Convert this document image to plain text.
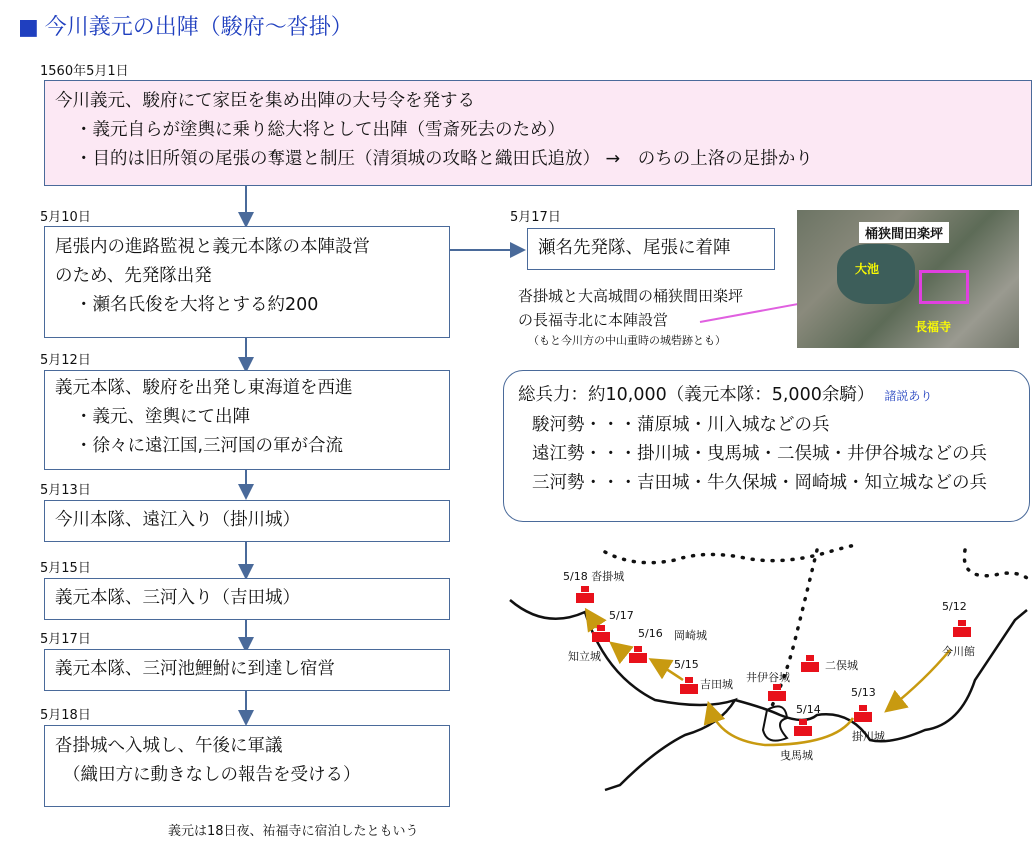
■ 今川義元の出陣（駿府～沓掛）
1560年5月1日
今川義元、駿府にて家臣を集め出陣の大号令を発する
・義元自らが塗輿に乗り総大将として出陣（雪斎死去のため）
・目的は旧所領の尾張の奪還と制圧（清須城の攻略と織田氏追放） →　のちの上洛の足掛かり
5月10日
尾張内の進路監視と義元本隊の本陣設営
のため、先発隊出発
・瀬名氏俊を大将とする約200
5月12日
義元本隊、駿府を出発し東海道を西進
・義元、塗輿にて出陣
・徐々に遠江国,三河国の軍が合流
5月13日
今川本隊、遠江入り（掛川城）
5月15日
義元本隊、三河入り（吉田城）
5月17日
義元本隊、三河池鯉鮒に到達し宿営
5月18日
沓掛城へ入城し、午後に軍議
（織田方に動きなしの報告を受ける）
義元は18日夜、祐福寺に宿泊したともいう
5月17日
瀬名先発隊、尾張に着陣
沓掛城と大高城間の桶狭間田楽坪
の長福寺北に本陣設営
（もと今川方の中山重時の城砦跡とも）
桶狭間田楽坪
大池
長福寺
総兵力：約10,000（義元本隊：5,000余騎） 諸説あり
駿河勢・・・蒲原城・川入城などの兵
遠江勢・・・掛川城・曳馬城・二俣城・井伊谷城などの兵
三河勢・・・吉田城・牛久保城・岡崎城・知立城などの兵
5/18 沓掛城
5/17
知立城
5/16 岡崎城
5/15
吉田城
井伊谷城
二俣城
5/14
曳馬城
5/13
掛川城
5/12
今川館
